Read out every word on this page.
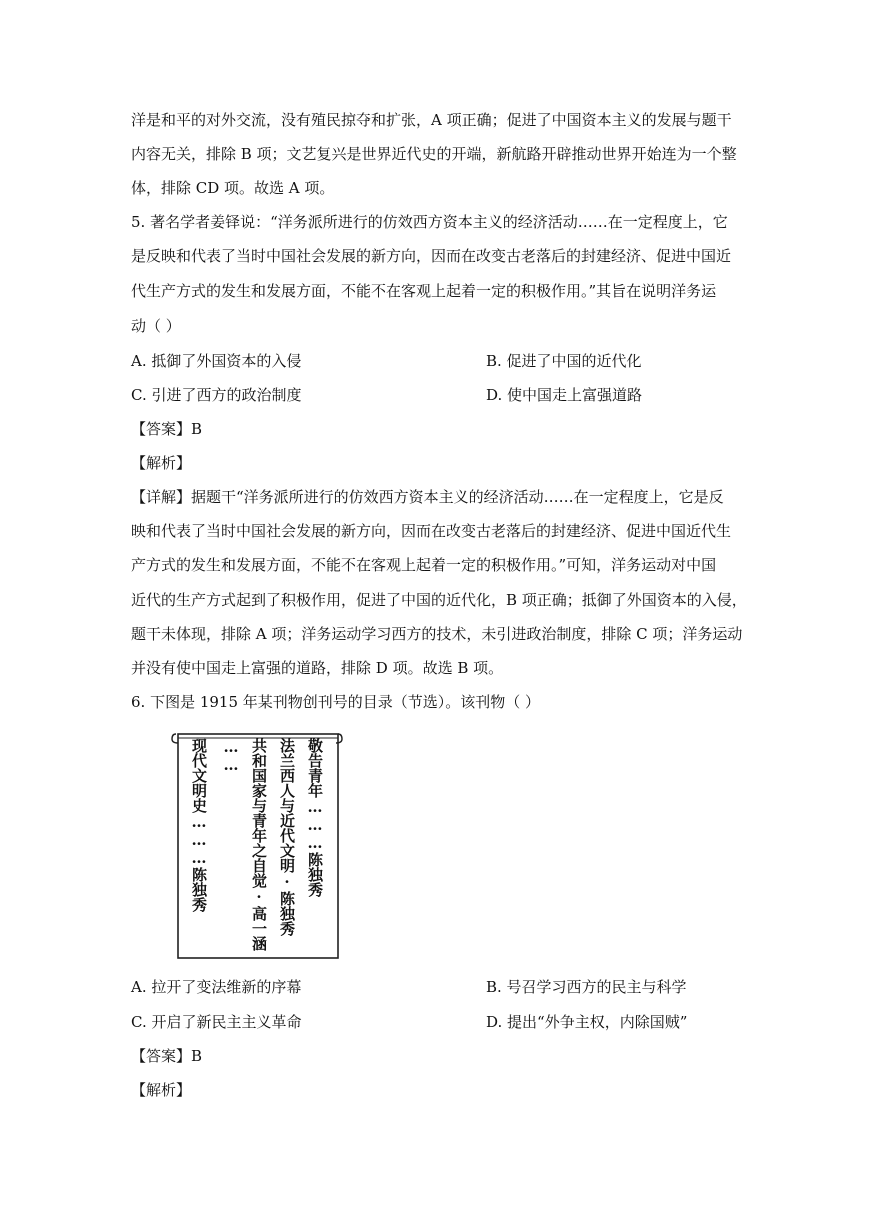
洋是和平的对外交流，没有殖民掠夺和扩张，A 项正确；促进了中国资本主义的发展与题干
内容无关，排除 B 项；文艺复兴是世界近代史的开端，新航路开辟推动世界开始连为一个整
体，排除 CD 项。故选 A 项。
5. 著名学者姜铎说：“洋务派所进行的仿效西方资本主义的经济活动……在一定程度上，它
是反映和代表了当时中国社会发展的新方向，因而在改变古老落后的封建经济、促进中国近
代生产方式的发生和发展方面，不能不在客观上起着一定的积极作用。”其旨在说明洋务运
动（ ）
A. 抵御了外国资本的入侵	B. 促进了中国的近代化
C. 引进了西方的政治制度	D. 使中国走上富强道路
【答案】B
【解析】
【详解】据题干“洋务派所进行的仿效西方资本主义的经济活动……在一定程度上，它是反
映和代表了当时中国社会发展的新方向，因而在改变古老落后的封建经济、促进中国近代生
产方式的发生和发展方面，不能不在客观上起着一定的积极作用。”可知，洋务运动对中国
近代的生产方式起到了积极作用，促进了中国的近代化，B 项正确；抵御了外国资本的入侵，
题干未体现，排除 A 项；洋务运动学习西方的技术，未引进政治制度，排除 C 项；洋务运动
并没有使中国走上富强的道路，排除 D 项。故选 B 项。
6. 下图是 1915 年某刊物创刊号的目录（节选）。该刊物（ ）
敬告青年………陈独秀
法兰西人与近代文明·陈独秀
共和国家与青年之自觉·高一涵
……
现代文明史………陈独秀
A. 拉开了变法维新的序幕	B. 号召学习西方的民主与科学
C. 开启了新民主主义革命	D. 提出“外争主权，内除国贼”
【答案】B
【解析】
